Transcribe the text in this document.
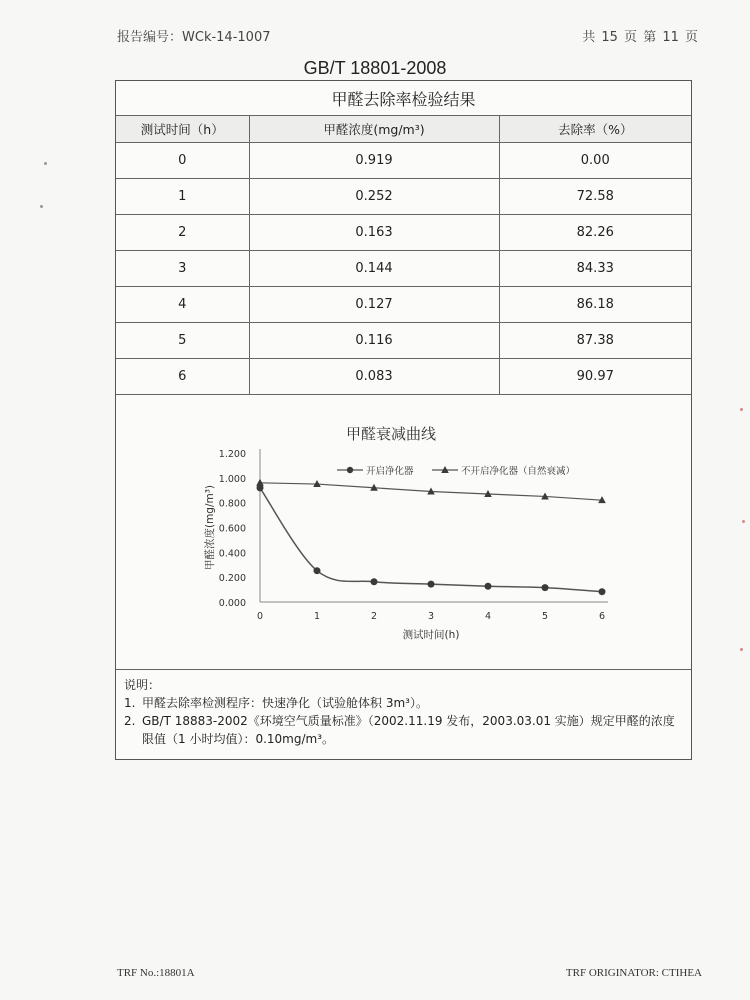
报告编号：WCk-14-1007	共 15 页 第 11 页
GB/T 18801-2008
甲醛去除率检验结果		
测试时间（h）	甲醛浓度(mg/m³)	去除率（%）
0	0.919	0.00
1	0.252	72.58
2	0.163	82.26
3	0.144	84.33
4	0.127	86.18
5	0.116	87.38
6	0.083	90.97
甲醛衰减曲线
0.000
0.200
0.400
0.600
0.800
1.000
1.200
0	1	2	3	4	5	6
测试时间(h)
甲醛浓度(mg/m³)
开启净化器	不开启净化器（自然衰减）
说明：
1. 甲醛去除率检测程序：快速净化（试验舱体积 3m³）。
2. GB/T 18883-2002《环境空气质量标准》（2002.11.19 发布，2003.03.01 实施）规定甲醛的浓度限值（1 小时均值）：0.10mg/m³。
TRF No.:18801A	TRF ORIGINATOR: CTIHEA
